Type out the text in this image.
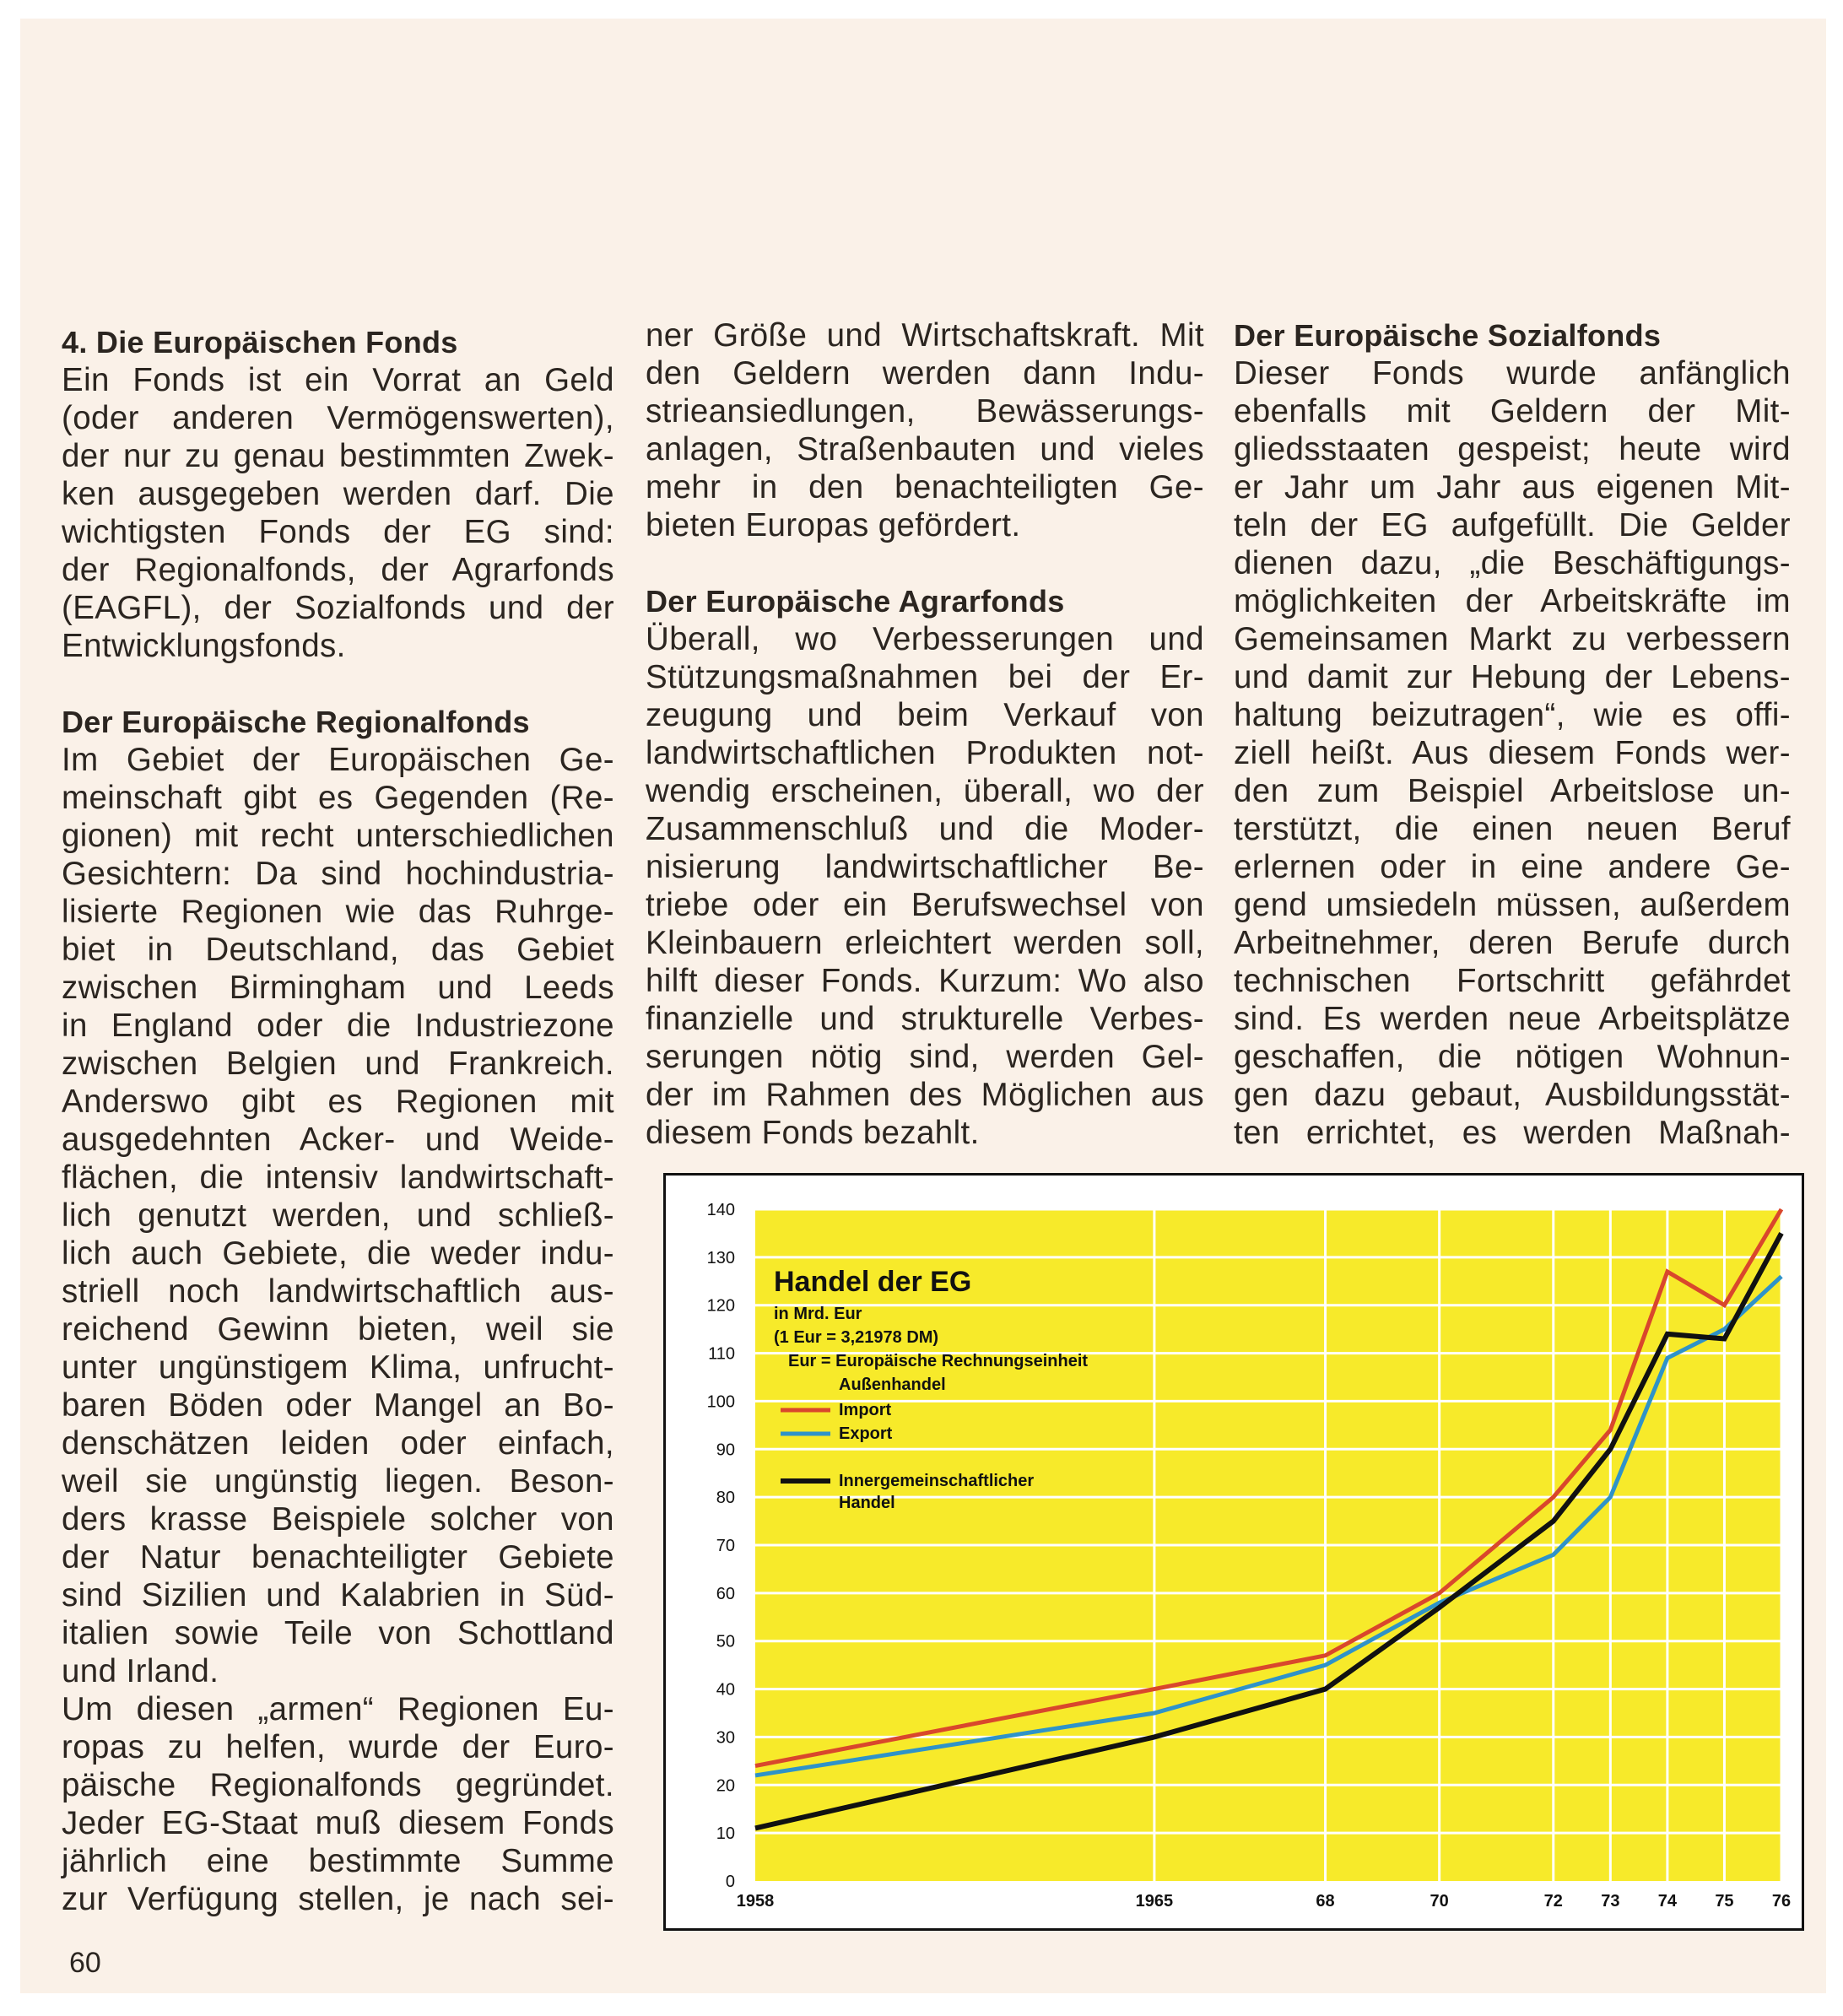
4. Die Europäischen Fonds
Ein Fonds ist ein Vorrat an Geld
(oder anderen Vermögenswerten),
der nur zu genau bestimmten Zwek-
ken ausgegeben werden darf. Die
wichtigsten Fonds der EG sind:
der Regionalfonds, der Agrarfonds
(EAGFL), der Sozialfonds und der
Entwicklungsfonds.
Der Europäische Regionalfonds
Im Gebiet der Europäischen Ge-
meinschaft gibt es Gegenden (Re-
gionen) mit recht unterschiedlichen
Gesichtern: Da sind hochindustria-
lisierte Regionen wie das Ruhrge-
biet in Deutschland, das Gebiet
zwischen Birmingham und Leeds
in England oder die Industriezone
zwischen Belgien und Frankreich.
Anderswo gibt es Regionen mit
ausgedehnten Acker- und Weide-
flächen, die intensiv landwirtschaft-
lich genutzt werden, und schließ-
lich auch Gebiete, die weder indu-
striell noch landwirtschaftlich aus-
reichend Gewinn bieten, weil sie
unter ungünstigem Klima, unfrucht-
baren Böden oder Mangel an Bo-
denschätzen leiden oder einfach,
weil sie ungünstig liegen. Beson-
ders krasse Beispiele solcher von
der Natur benachteiligter Gebiete
sind Sizilien und Kalabrien in Süd-
italien sowie Teile von Schottland
und Irland.
Um diesen „armen“ Regionen Eu-
ropas zu helfen, wurde der Euro-
päische Regionalfonds gegründet.
Jeder EG-Staat muß diesem Fonds
jährlich eine bestimmte Summe
zur Verfügung stellen, je nach sei-
ner Größe und Wirtschaftskraft. Mit
den Geldern werden dann Indu-
strieansiedlungen, Bewässerungs-
anlagen, Straßenbauten und vieles
mehr in den benachteiligten Ge-
bieten Europas gefördert.
Der Europäische Agrarfonds
Überall, wo Verbesserungen und
Stützungsmaßnahmen bei der Er-
zeugung und beim Verkauf von
landwirtschaftlichen Produkten not-
wendig erscheinen, überall, wo der
Zusammenschluß und die Moder-
nisierung landwirtschaftlicher Be-
triebe oder ein Berufswechsel von
Kleinbauern erleichtert werden soll,
hilft dieser Fonds. Kurzum: Wo also
finanzielle und strukturelle Verbes-
serungen nötig sind, werden Gel-
der im Rahmen des Möglichen aus
diesem Fonds bezahlt.
Der Europäische Sozialfonds
Dieser Fonds wurde anfänglich
ebenfalls mit Geldern der Mit-
gliedsstaaten gespeist; heute wird
er Jahr um Jahr aus eigenen Mit-
teln der EG aufgefüllt. Die Gelder
dienen dazu, „die Beschäftigungs-
möglichkeiten der Arbeitskräfte im
Gemeinsamen Markt zu verbessern
und damit zur Hebung der Lebens-
haltung beizutragen“, wie es offi-
ziell heißt. Aus diesem Fonds wer-
den zum Beispiel Arbeitslose un-
terstützt, die einen neuen Beruf
erlernen oder in eine andere Ge-
gend umsiedeln müssen, außerdem
Arbeitnehmer, deren Berufe durch
technischen Fortschritt gefährdet
sind. Es werden neue Arbeitsplätze
geschaffen, die nötigen Wohnun-
gen dazu gebaut, Ausbildungsstät-
ten errichtet, es werden Maßnah-
0
10
20
30
40
50
60
70
80
90
100
110
120
130
140
1958	1965	68	70	72 73 74 75 76
Handel der EG
in Mrd. Eur
(1 Eur = 3,21978 DM)
Eur = Europäische Rechnungseinheit
Außenhandel
Import
Export
Innergemeinschaftlicher
Handel
60
